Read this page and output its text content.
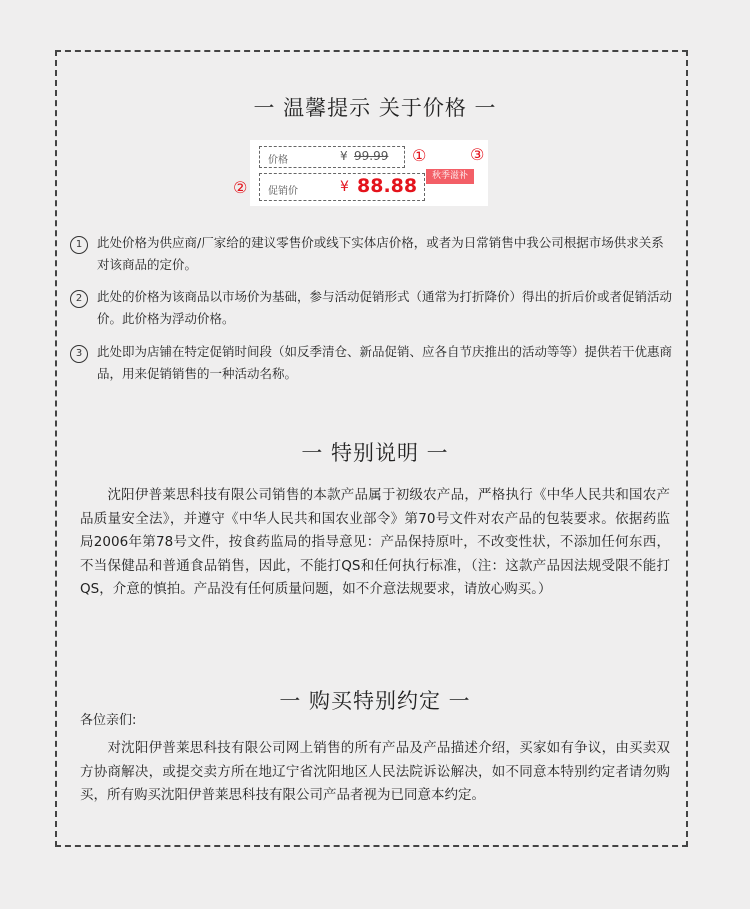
一 温馨提示 关于价格 一
价格	¥ 99.99 ①	③
② 促销价	¥ 88.88	秋季滋补
1	此处价格为供应商/厂家给的建议零售价或线下实体店价格，或者为日常销售中我公司根据市场供求关系对该商品的定价。
2	此处的价格为该商品以市场价为基础，参与活动促销形式（通常为打折降价）得出的折后价或者促销活动价。此价格为浮动价格。
3	此处即为店铺在特定促销时间段（如反季清仓、新品促销、应各自节庆推出的活动等等）提供若干优惠商品，用来促销销售的一种活动名称。
一 特别说明 一
　　沈阳伊普莱思科技有限公司销售的本款产品属于初级农产品，严格执行《中华人民共和国农产品质量安全法》，并遵守《中华人民共和国农业部令》第70号文件对农产品的包装要求。依据药监局2006年第78号文件，按食药监局的指导意见：产品保持原叶，不改变性状，不添加任何东西，不当保健品和普通食品销售，因此，不能打QS和任何执行标准，（注：这款产品因法规受限不能打QS，介意的慎拍。产品没有任何质量问题，如不介意法规要求，请放心购买。）
一 购买特别约定 一
各位亲们:
　　对沈阳伊普莱思科技有限公司网上销售的所有产品及产品描述介绍，买家如有争议，由买卖双方协商解决，或提交卖方所在地辽宁省沈阳地区人民法院诉讼解决，如不同意本特别约定者请勿购买，所有购买沈阳伊普莱思科技有限公司产品者视为已同意本约定。
